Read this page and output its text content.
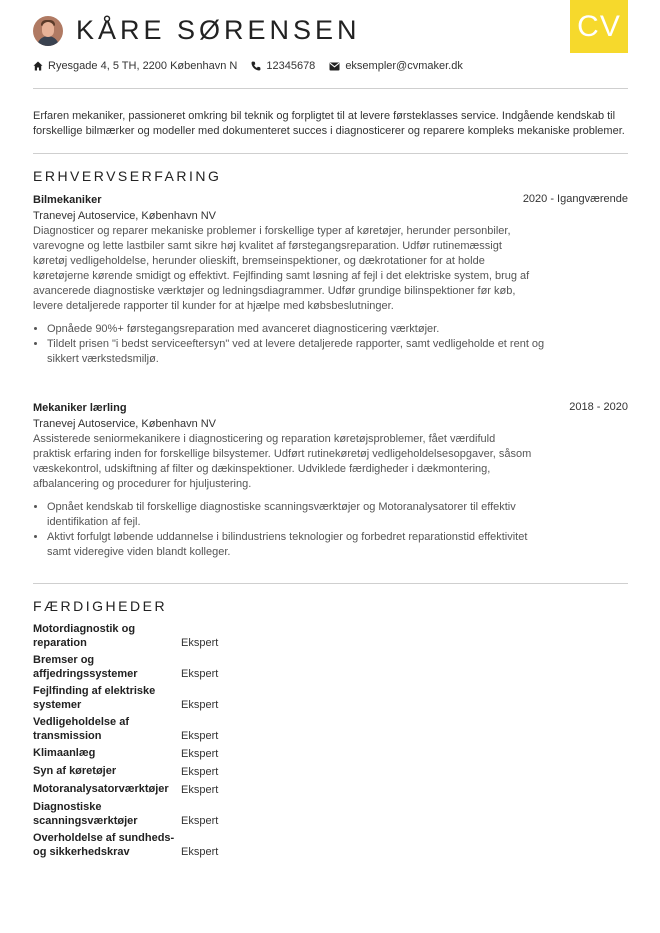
CV
KÅRE SØRENSEN
Ryesgade 4, 5 TH, 2200 København N	12345678	eksempler@cvmaker.dk

Erfaren mekaniker, passioneret omkring bil teknik og forpligtet til at levere førsteklasses service. Indgående kendskab til forskellige bilmærker og modeller med dokumenteret succes i diagnosticerer og reparere kompleks mekaniske problemer.

ERHVERVSERFARING

Bilmekaniker	2020 - Igangværende

Tranevej Autoservice, København NV

Diagnosticer og reparer mekaniske problemer i forskellige typer af køretøjer, herunder personbiler, varevogne og lette lastbiler samt sikre høj kvalitet af førstegangsreparation. Udfør rutinemæssigt køretøj vedligeholdelse, herunder olieskift, bremseinspektioner, og dækrotationer for at holde køretøjerne kørende smidigt og effektivt. Fejlfinding samt løsning af fejl i det elektriske system, brug af avancerede diagnostiske værktøjer og ledningsdiagrammer. Udfør grundige bilinspektioner før køb, levere detaljerede rapporter til kunder for at hjælpe med købsbeslutninger.

• Opnåede 90%+ førstegangsreparation med avanceret diagnosticering værktøjer.
• Tildelt prisen "i bedst serviceeftersyn" ved at levere detaljerede rapporter, samt vedligeholde et rent og sikkert værkstedsmiljø.

Mekaniker lærling	2018 - 2020

Tranevej Autoservice, København NV

Assisterede seniormekanikere i diagnosticering og reparation køretøjsproblemer, fået værdifuld praktisk erfaring inden for forskellige bilsystemer. Udført rutinekøretøj vedligeholdelsesopgaver, såsom væskekontrol, udskiftning af filter og dækinspektioner. Udviklede færdigheder i dækmontering, afbalancering og procedurer for hjuljustering.

• Opnået kendskab til forskellige diagnostiske scanningsværktøjer og Motoranalysatorer til effektiv identifikation af fejl.
• Aktivt forfulgt løbende uddannelse i bilindustriens teknologier og forbedret reparationstid effektivitet samt videregive viden blandt kolleger.
FÆRDIGHEDER
Motordiagnostik og reparation	Ekspert
Bremser og affjedringssystemer	Ekspert
Fejlfinding af elektriske systemer	Ekspert
Vedligeholdelse af transmission	Ekspert
Klimaanlæg	Ekspert
Syn af køretøjer	Ekspert
Motoranalysatorværktøjer	Ekspert
Diagnostiske scanningsværktøjer	Ekspert
Overholdelse af sundheds- og sikkerhedskrav	Ekspert
